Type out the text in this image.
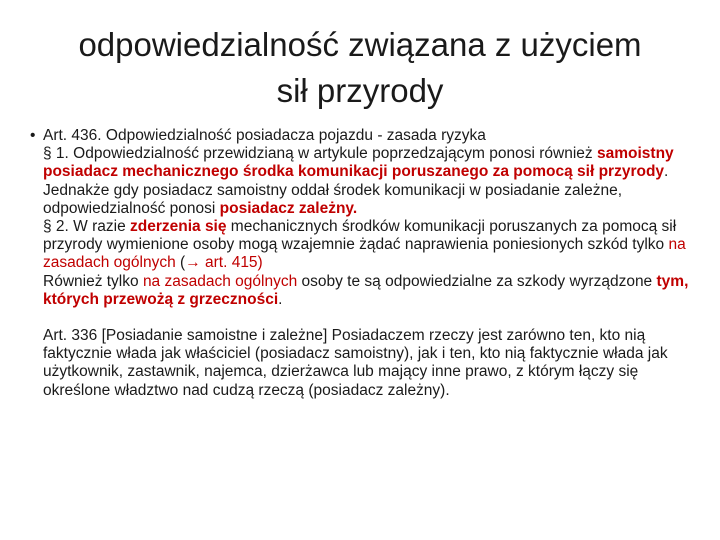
odpowiedzialność związana z użyciem
sił przyrody

• Art. 436. Odpowiedzialność posiadacza pojazdu - zasada ryzyka

§ 1. Odpowiedzialność przewidzianą w artykule poprzedzającym ponosi również samoistny posiadacz mechanicznego środka komunikacji poruszanego za pomocą sił przyrody. Jednakże gdy posiadacz samoistny oddał środek komunikacji w posiadanie zależne, odpowiedzialność ponosi posiadacz zależny.

§ 2. W razie zderzenia się mechanicznych środków komunikacji poruszanych za pomocą sił przyrody wymienione osoby mogą wzajemnie żądać naprawienia poniesionych szkód tylko na zasadach ogólnych (→ art. 415)

Również tylko na zasadach ogólnych osoby te są odpowiedzialne za szkody wyrządzone tym, których przewożą z grzeczności.

Art. 336 [Posiadanie samoistne i zależne] Posiadaczem rzeczy jest zarówno ten, kto nią faktycznie włada jak właściciel (posiadacz samoistny), jak i ten, kto nią faktycznie włada jak użytkownik, zastawnik, najemca, dzierżawca lub mający inne prawo, z którym łączy się określone władztwo nad cudzą rzeczą (posiadacz zależny).
